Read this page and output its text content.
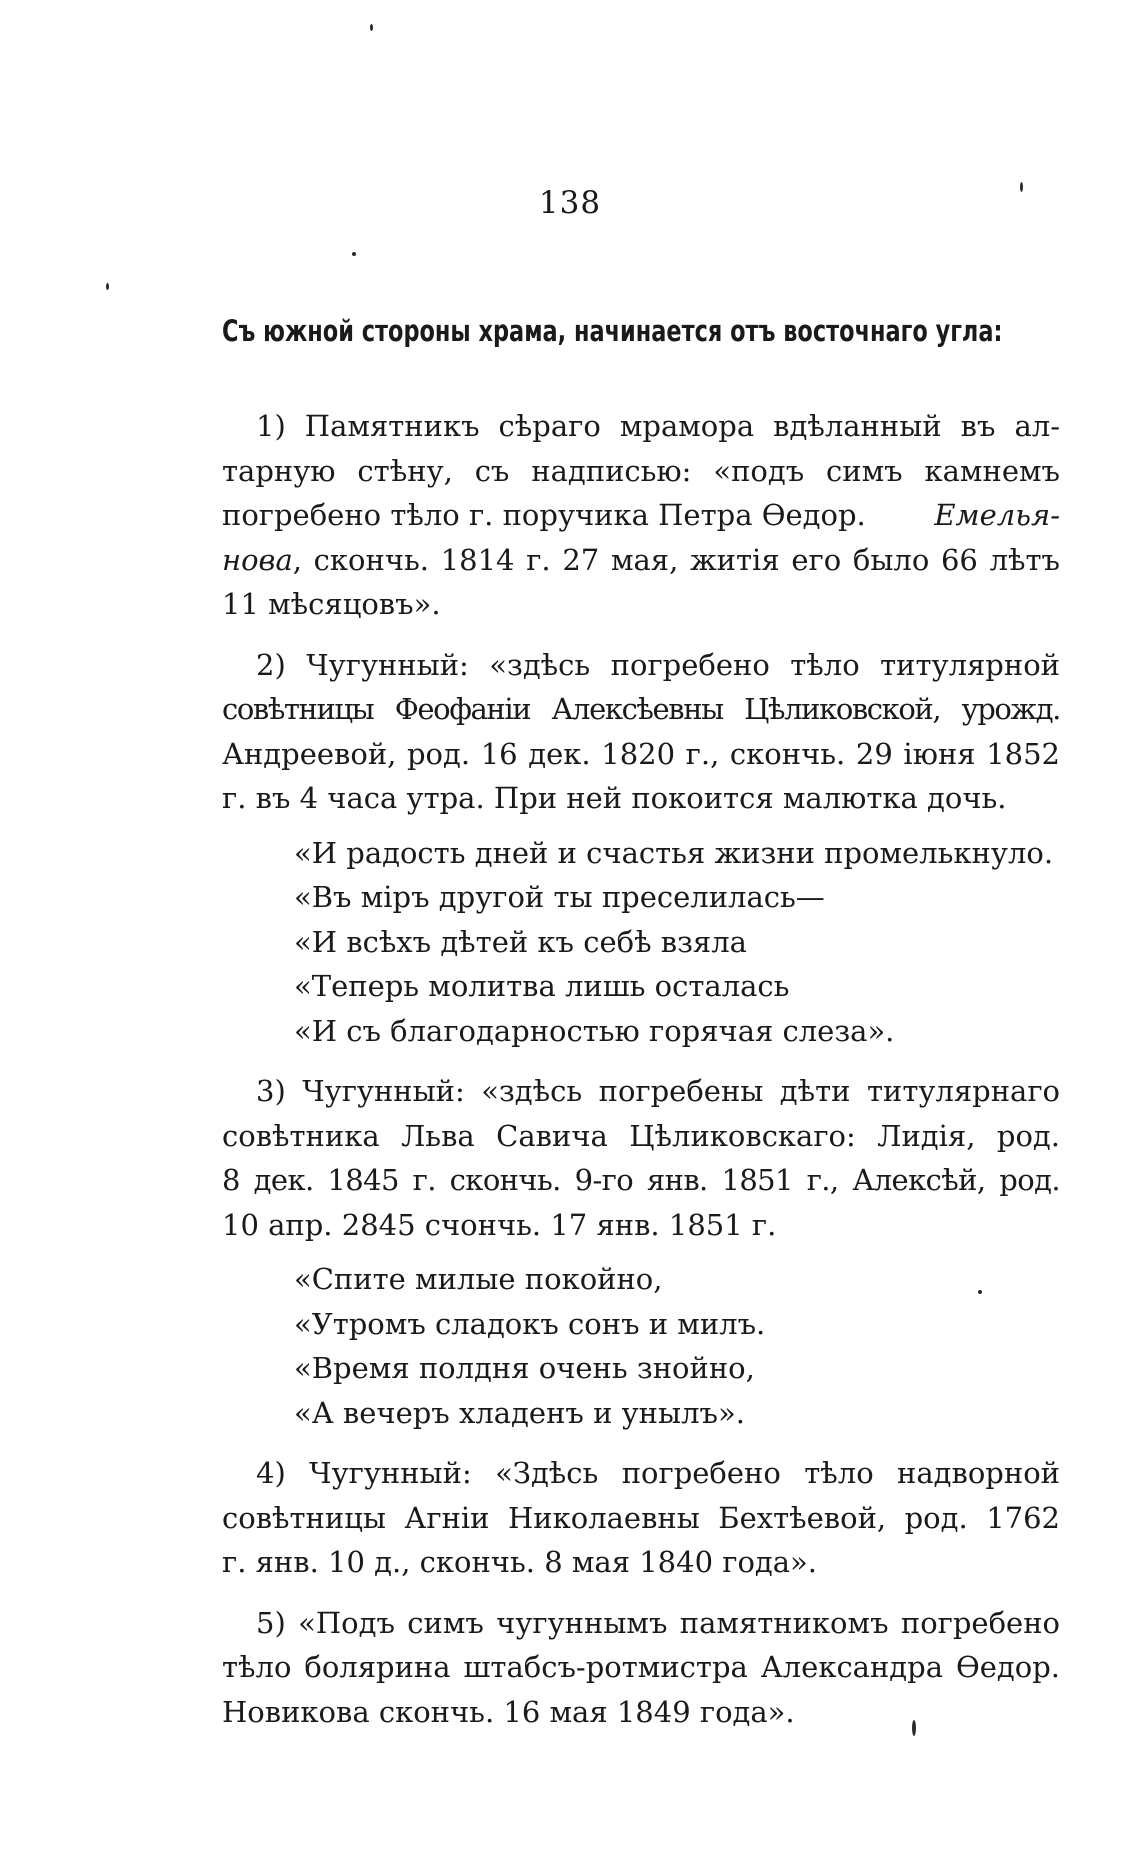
138
Съ южной стороны храма, начинается отъ восточнаго угла:
1) Памятникъ сѣраго мрамора вдѣланный въ ал-
тарную стѣну, съ надписью: «подъ симъ камнемъ
погребено тѣло г. поручика Петра Ѳедор. Емелья-
нова, скончь. 1814 г. 27 мая, житія его было 66 лѣтъ
11 мѣсяцовъ».
2) Чугунный: «здѣсь погребено тѣло титулярной
совѣтницы Феофаніи Алексѣевны Цѣликовской, урожд.
Андреевой, род. 16 дек. 1820 г., скончь. 29 іюня 1852
г. въ 4 часа утра. При ней покоится малютка дочь.
«И радость дней и счастья жизни промелькнуло.
«Въ міръ другой ты преселилась—
«И всѣхъ дѣтей къ себѣ взяла
«Теперь молитва лишь осталась
«И съ благодарностью горячая слеза».
3) Чугунный: «здѣсь погребены дѣти титулярнаго
совѣтника Льва Савича Цѣликовскаго: Лидія, род.
8 дек. 1845 г. скончь. 9-го янв. 1851 г., Алексѣй, род.
10 апр. 2845 счончь. 17 янв. 1851 г.
«Спите милые покойно,
«Утромъ сладокъ сонъ и милъ.
«Время полдня очень знойно,
«А вечеръ хладенъ и унылъ».
4) Чугунный: «Здѣсь погребено тѣло надворной
совѣтницы Агніи Николаевны Бехтѣевой, род. 1762
г. янв. 10 д., скончь. 8 мая 1840 года».
5) «Подъ симъ чугуннымъ памятникомъ погребено
тѣло болярина штабсъ-ротмистра Александра Ѳедор.
Новикова скончь. 16 мая 1849 года».
